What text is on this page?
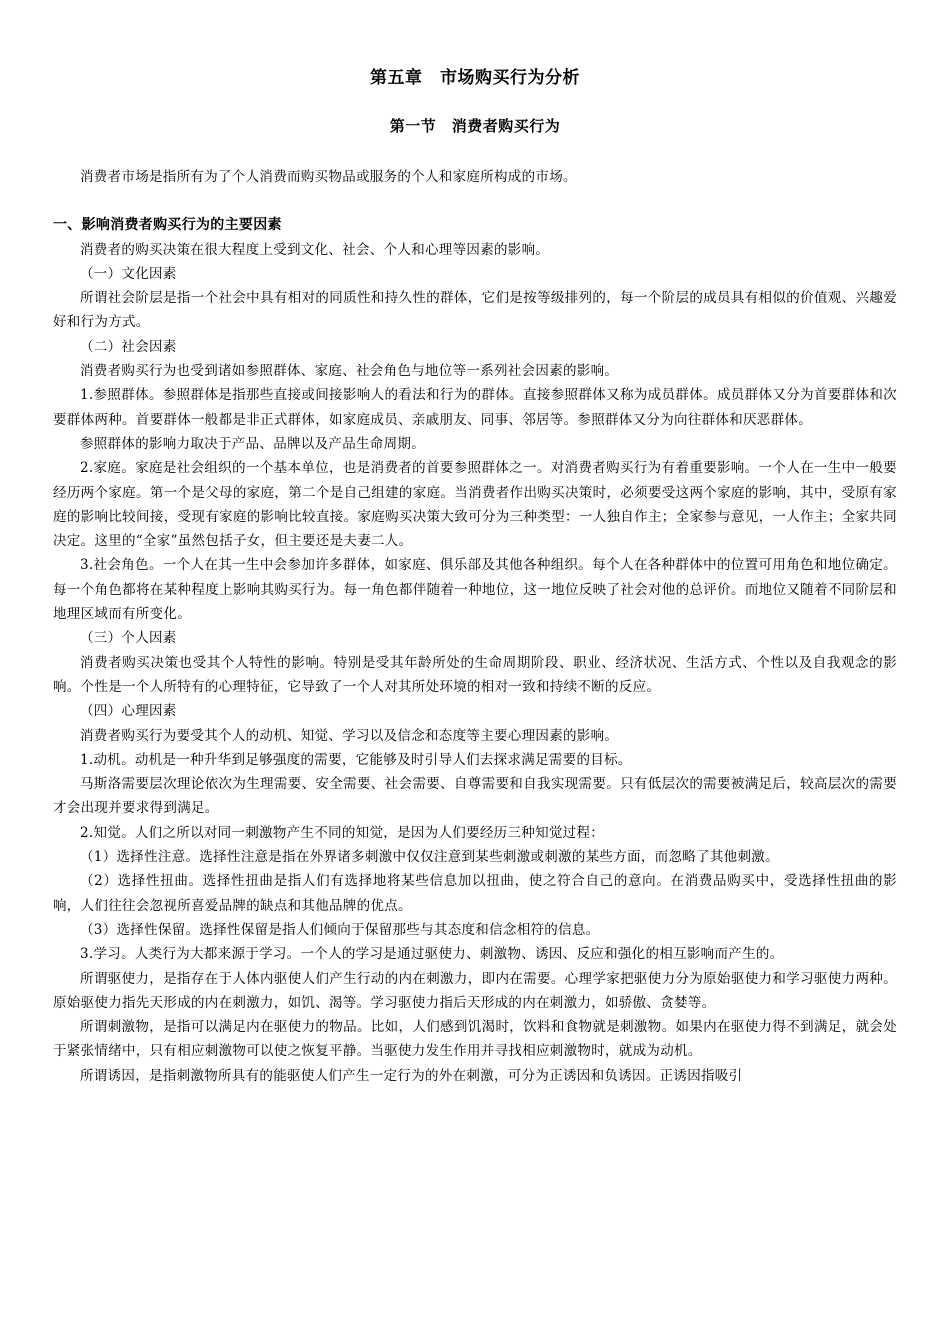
第五章　市场购买行为分析
第一节　消费者购买行为

消费者市场是指所有为了个人消费而购买物品或服务的个人和家庭所构成的市场。

一、影响消费者购买行为的主要因素

消费者的购买决策在很大程度上受到文化、社会、个人和心理等因素的影响。

（一）文化因素

所谓社会阶层是指一个社会中具有相对的同质性和持久性的群体，它们是按等级排列的，每一个阶层的成员具有相似的价值观、兴趣爱好和行为方式。

（二）社会因素

消费者购买行为也受到诸如参照群体、家庭、社会角色与地位等一系列社会因素的影响。

1.参照群体。参照群体是指那些直接或间接影响人的看法和行为的群体。直接参照群体又称为成员群体。成员群体又分为首要群体和次要群体两种。首要群体一般都是非正式群体，如家庭成员、亲戚朋友、同事、邻居等。参照群体又分为向往群体和厌恶群体。

参照群体的影响力取决于产品、品牌以及产品生命周期。

2.家庭。家庭是社会组织的一个基本单位，也是消费者的首要参照群体之一。对消费者购买行为有着重要影响。一个人在一生中一般要经历两个家庭。第一个是父母的家庭，第二个是自己组建的家庭。当消费者作出购买决策时，必须要受这两个家庭的影响，其中，受原有家庭的影响比较间接，受现有家庭的影响比较直接。家庭购买决策大致可分为三种类型：一人独自作主；全家参与意见，一人作主；全家共同决定。这里的“全家”虽然包括子女，但主要还是夫妻二人。

3.社会角色。一个人在其一生中会参加许多群体，如家庭、俱乐部及其他各种组织。每个人在各种群体中的位置可用角色和地位确定。每一个角色都将在某种程度上影响其购买行为。每一角色都伴随着一种地位，这一地位反映了社会对他的总评价。而地位又随着不同阶层和地理区域而有所变化。

（三）个人因素

消费者购买决策也受其个人特性的影响。特别是受其年龄所处的生命周期阶段、职业、经济状况、生活方式、个性以及自我观念的影响。个性是一个人所特有的心理特征，它导致了一个人对其所处环境的相对一致和持续不断的反应。

（四）心理因素

消费者购买行为要受其个人的动机、知觉、学习以及信念和态度等主要心理因素的影响。

1.动机。动机是一种升华到足够强度的需要，它能够及时引导人们去探求满足需要的目标。

马斯洛需要层次理论依次为生理需要、安全需要、社会需要、自尊需要和自我实现需要。只有低层次的需要被满足后，较高层次的需要才会出现并要求得到满足。

2.知觉。人们之所以对同一刺激物产生不同的知觉，是因为人们要经历三种知觉过程：

（1）选择性注意。选择性注意是指在外界诸多刺激中仅仅注意到某些刺激或刺激的某些方面，而忽略了其他刺激。

（2）选择性扭曲。选择性扭曲是指人们有选择地将某些信息加以扭曲，使之符合自己的意向。在消费品购买中，受选择性扭曲的影响，人们往往会忽视所喜爱品牌的缺点和其他品牌的优点。

（3）选择性保留。选择性保留是指人们倾向于保留那些与其态度和信念相符的信息。

3.学习。人类行为大都来源于学习。一个人的学习是通过驱使力、刺激物、诱因、反应和强化的相互影响而产生的。

所谓驱使力，是指存在于人体内驱使人们产生行动的内在刺激力，即内在需要。心理学家把驱使力分为原始驱使力和学习驱使力两种。原始驱使力指先天形成的内在刺激力，如饥、渴等。学习驱使力指后天形成的内在刺激力，如骄傲、贪婪等。

所谓刺激物，是指可以满足内在驱使力的物品。比如，人们感到饥渴时，饮料和食物就是刺激物。如果内在驱使力得不到满足，就会处于紧张情绪中，只有相应刺激物可以使之恢复平静。当驱使力发生作用并寻找相应刺激物时，就成为动机。

所谓诱因，是指刺激物所具有的能驱使人们产生一定行为的外在刺激，可分为正诱因和负诱因。正诱因指吸引
